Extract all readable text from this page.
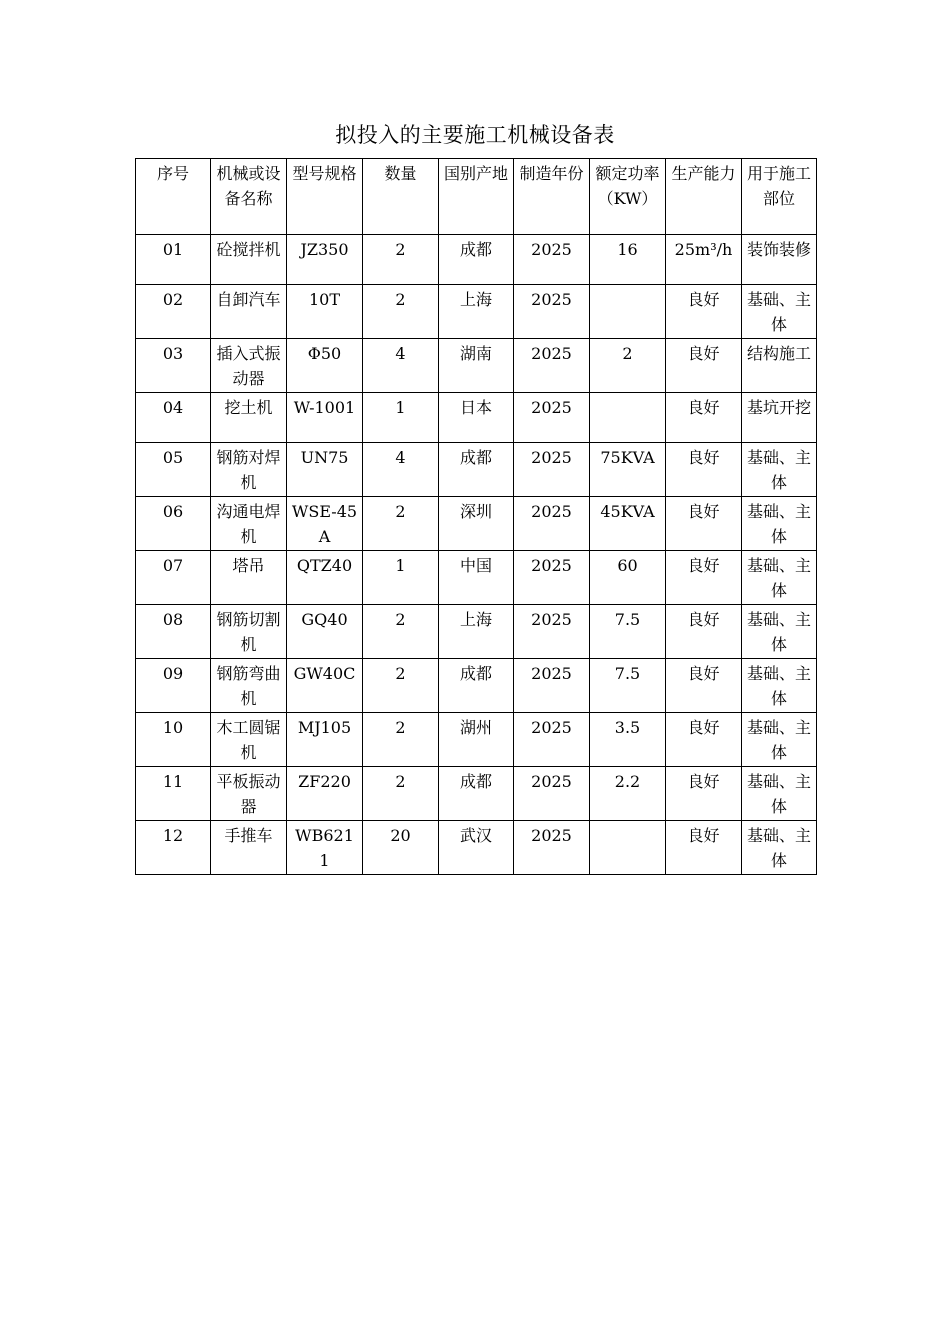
拟投入的主要施工机械设备表
序号	机械或设备名称	型号规格	数量	国别产地	制造年份	额定功率（KW）	生产能力	用于施工部位
01	砼搅拌机	JZ350	2	成都	2025	16	25m³/h	装饰装修
02	自卸汽车	10T	2	上海	2025		良好	基础、主体
03	插入式振动器	Φ50	4	湖南	2025	2	良好	结构施工
04	挖土机	W-1001	1	日本	2025		良好	基坑开挖
05	钢筋对焊机	UN75	4	成都	2025	75KVA	良好	基础、主体
06	沟通电焊机	WSE-45A	2	深圳	2025	45KVA	良好	基础、主体
07	塔吊	QTZ40	1	中国	2025	60	良好	基础、主体
08	钢筋切割机	GQ40	2	上海	2025	7.5	良好	基础、主体
09	钢筋弯曲机	GW40C	2	成都	2025	7.5	良好	基础、主体
10	木工圆锯机	MJ105	2	湖州	2025	3.5	良好	基础、主体
11	平板振动器	ZF220	2	成都	2025	2.2	良好	基础、主体
12	手推车	WB6211	20	武汉	2025		良好	基础、主体
